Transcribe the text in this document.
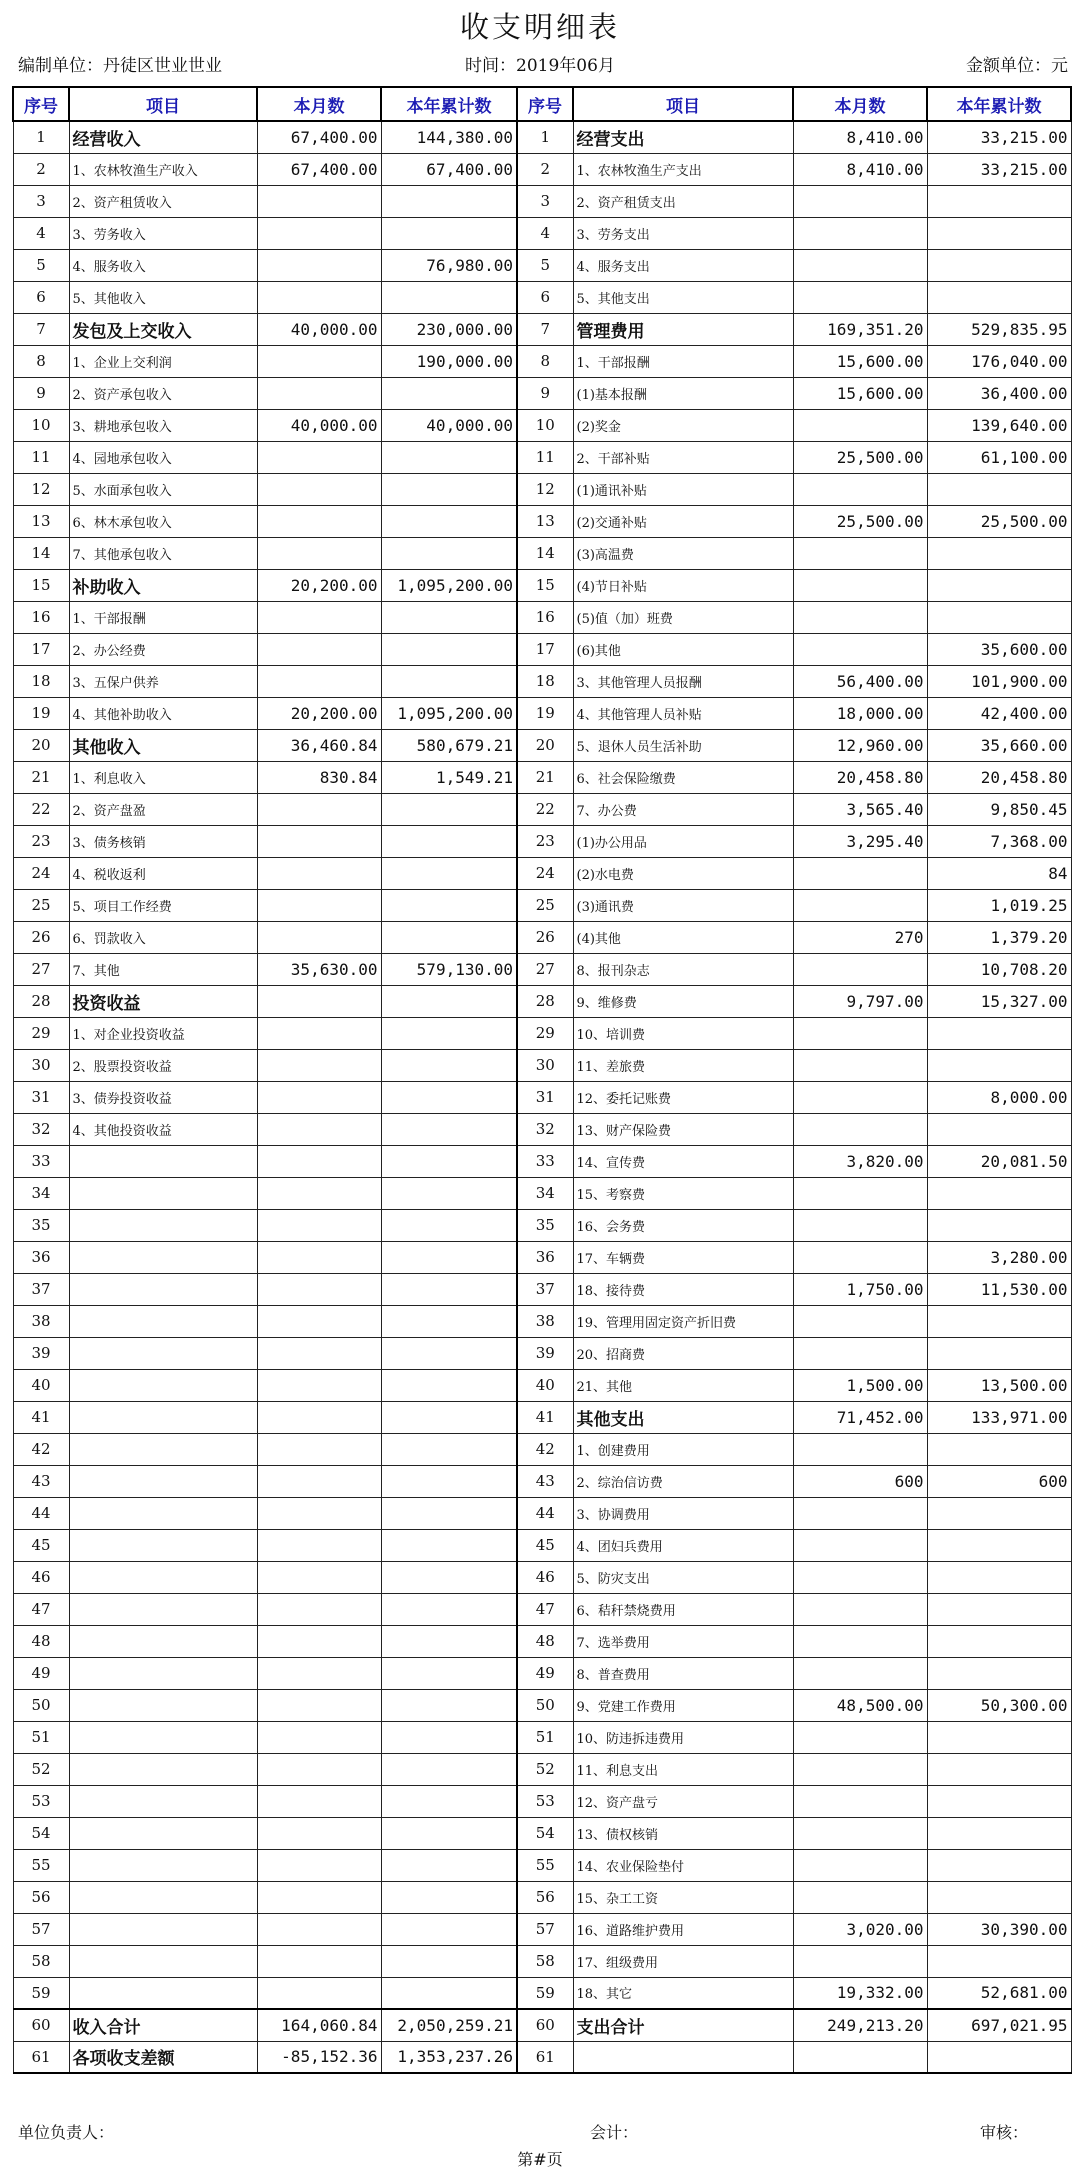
收支明细表
编制单位：丹徒区世业世业	时间：2019年06月	金额单位：元
序号	项目	本月数	本年累计数	序号	项目	本月数	本年累计数
1	经营收入	67,400.00	144,380.00	1	经营支出	8,410.00	33,215.00
2	1、农林牧渔生产收入	67,400.00	67,400.00	2	1、农林牧渔生产支出	8,410.00	33,215.00
3	2、资产租赁收入			3	2、资产租赁支出		
4	3、劳务收入			4	3、劳务支出		
5	4、服务收入		76,980.00	5	4、服务支出		
6	5、其他收入			6	5、其他支出		
7	发包及上交收入	40,000.00	230,000.00	7	管理费用	169,351.20	529,835.95
8	1、企业上交利润		190,000.00	8	1、干部报酬	15,600.00	176,040.00
9	2、资产承包收入			9	(1)基本报酬	15,600.00	36,400.00
10	3、耕地承包收入	40,000.00	40,000.00	10	(2)奖金		139,640.00
11	4、园地承包收入			11	2、干部补贴	25,500.00	61,100.00
12	5、水面承包收入			12	(1)通讯补贴		
13	6、林木承包收入			13	(2)交通补贴	25,500.00	25,500.00
14	7、其他承包收入			14	(3)高温费		
15	补助收入	20,200.00	1,095,200.00	15	(4)节日补贴		
16	1、干部报酬			16	(5)值（加）班费		
17	2、办公经费			17	(6)其他		35,600.00
18	3、五保户供养			18	3、其他管理人员报酬	56,400.00	101,900.00
19	4、其他补助收入	20,200.00	1,095,200.00	19	4、其他管理人员补贴	18,000.00	42,400.00
20	其他收入	36,460.84	580,679.21	20	5、退休人员生活补助	12,960.00	35,660.00
21	1、利息收入	830.84	1,549.21	21	6、社会保险缴费	20,458.80	20,458.80
22	2、资产盘盈			22	7、办公费	3,565.40	9,850.45
23	3、债务核销			23	(1)办公用品	3,295.40	7,368.00
24	4、税收返利			24	(2)水电费		84
25	5、项目工作经费			25	(3)通讯费		1,019.25
26	6、罚款收入			26	(4)其他	270	1,379.20
27	7、其他	35,630.00	579,130.00	27	8、报刊杂志		10,708.20
28	投资收益			28	9、维修费	9,797.00	15,327.00
29	1、对企业投资收益			29	10、培训费		
30	2、股票投资收益			30	11、差旅费		
31	3、债券投资收益			31	12、委托记账费		8,000.00
32	4、其他投资收益			32	13、财产保险费		
33				33	14、宣传费	3,820.00	20,081.50
34				34	15、考察费		
35				35	16、会务费		
36				36	17、车辆费		3,280.00
37				37	18、接待费	1,750.00	11,530.00
38				38	19、管理用固定资产折旧费		
39				39	20、招商费		
40				40	21、其他	1,500.00	13,500.00
41				41	其他支出	71,452.00	133,971.00
42				42	1、创建费用		
43				43	2、综治信访费	600	600
44				44	3、协调费用		
45				45	4、团妇兵费用		
46				46	5、防灾支出		
47				47	6、秸秆禁烧费用		
48				48	7、选举费用		
49				49	8、普查费用		
50				50	9、党建工作费用	48,500.00	50,300.00
51				51	10、防违拆违费用		
52				52	11、利息支出		
53				53	12、资产盘亏		
54				54	13、债权核销		
55				55	14、农业保险垫付		
56				56	15、杂工工资		
57				57	16、道路维护费用	3,020.00	30,390.00
58				58	17、组级费用		
59				59	18、其它	19,332.00	52,681.00
60	收入合计	164,060.84	2,050,259.21	60	支出合计	249,213.20	697,021.95
61	各项收支差额	-85,152.36	1,353,237.26	61			
单位负责人：	会计：	审核：
第#页
